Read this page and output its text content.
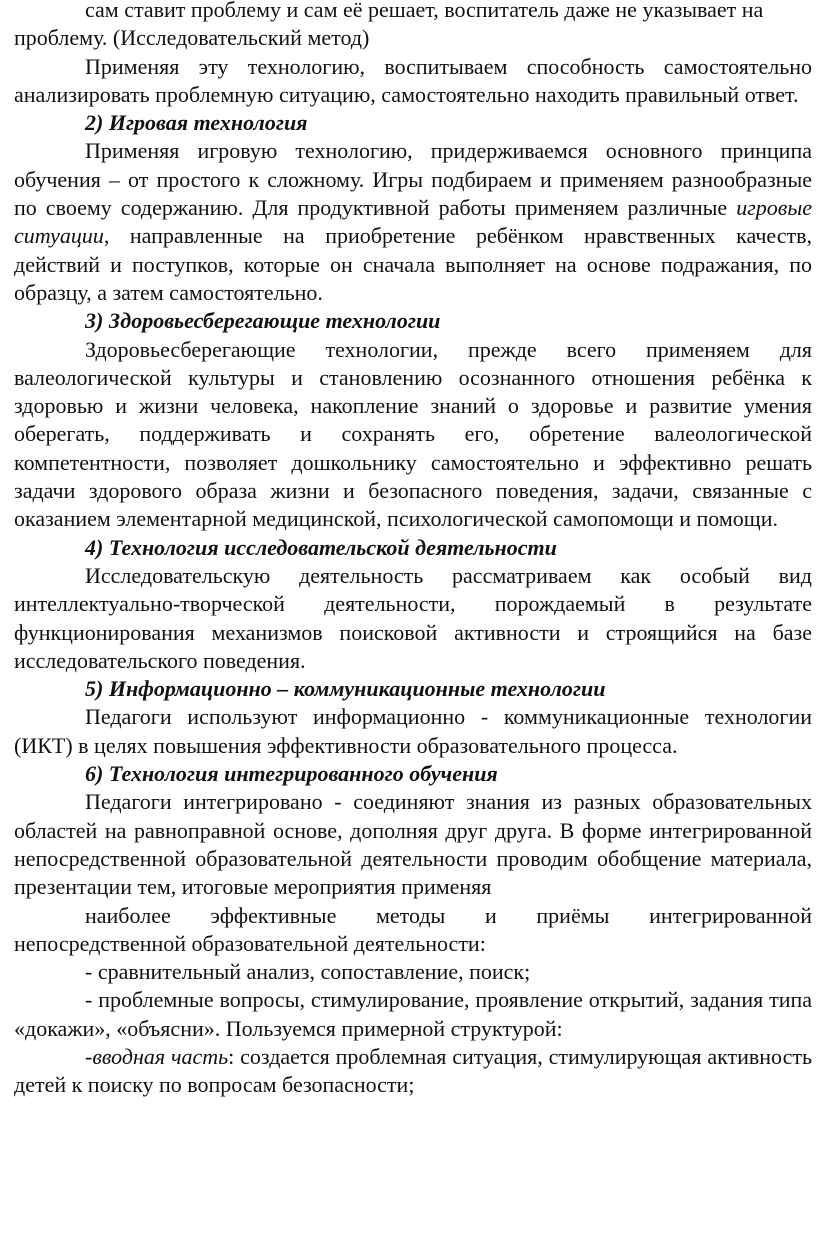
сам ставит проблему и сам её решает, воспитатель даже не указывает на проблему. (Исследовательский метод)

Применяя эту технологию, воспитываем способность самостоятельно анализировать проблемную ситуацию, самостоятельно находить правильный ответ.

2) Игровая технология

Применяя игровую технологию, придерживаемся основного принципа обучения – от простого к сложному. Игры подбираем и применяем разнообразные по своему содержанию. Для продуктивной работы применяем различные игровые ситуации, направленные на приобретение ребёнком нравственных качеств, действий и поступков, которые он сначала выполняет на основе подражания, по образцу, а затем самостоятельно.

3) Здоровьесберегающие технологии

Здоровьесберегающие технологии, прежде всего применяем для валеологической культуры и становлению осознанного отношения ребёнка к здоровью и жизни человека, накопление знаний о здоровье и развитие умения оберегать, поддерживать и сохранять его, обретение валеологической компетентности, позволяет дошкольнику самостоятельно и эффективно решать задачи здорового образа жизни и безопасного поведения, задачи, связанные с оказанием элементарной медицинской, психологической самопомощи и помощи.

4) Технология исследовательской деятельности

Исследовательскую деятельность рассматриваем как особый вид интеллектуально-творческой деятельности, порождаемый в результате функционирования механизмов поисковой активности и строящийся на базе исследовательского поведения.

5) Информационно – коммуникационные технологии

Педагоги используют информационно - коммуникационные технологии (ИКТ) в целях повышения эффективности образовательного процесса.

6) Технология интегрированного обучения

Педагоги интегрировано - соединяют знания из разных образовательных областей на равноправной основе, дополняя друг друга. В форме интегрированной непосредственной образовательной деятельности проводим обобщение материала, презентации тем, итоговые мероприятия применяя

наиболее эффективные методы и приёмы интегрированной непосредственной образовательной деятельности:

- сравнительный анализ, сопоставление, поиск;

- проблемные вопросы, стимулирование, проявление открытий, задания типа «докажи», «объясни». Пользуемся примерной структурой:

-вводная часть: создается проблемная ситуация, стимулирующая активность детей к поиску по вопросам безопасности;
